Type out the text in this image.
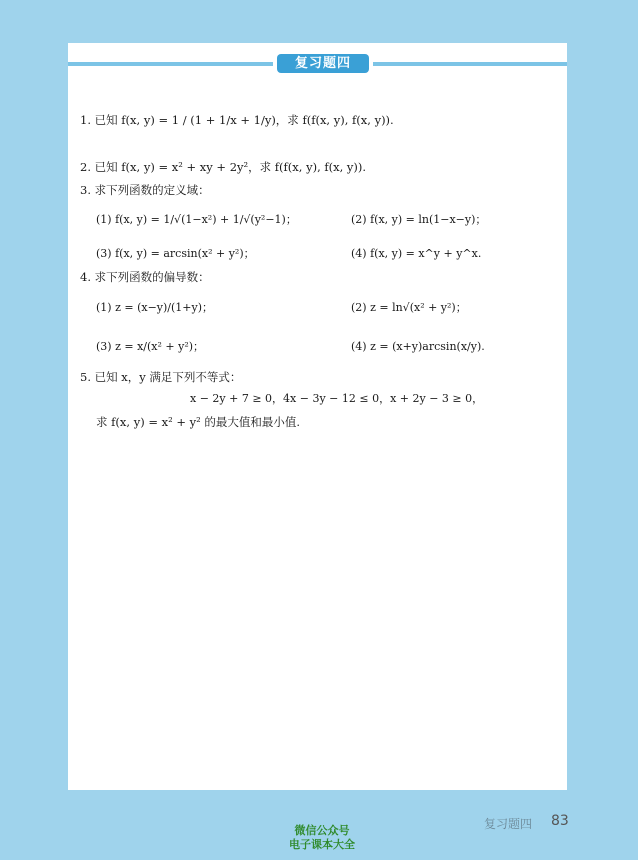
复习题四
1. 已知 f(x, y) = 1 / (1 + 1/x + 1/y)，求 f(f(x, y), f(x, y)).
2. 已知 f(x, y) = x² + xy + 2y²，求 f(f(x, y), f(x, y)).
3. 求下列函数的定义域：
(1) f(x, y) = 1/√(1−x²) + 1/√(y²−1)；	(2) f(x, y) = ln(1−x−y)；
(3) f(x, y) = arcsin(x² + y²)；	(4) f(x, y) = x^y + y^x.
4. 求下列函数的偏导数：
(1) z = (x−y)/(1+y)；	(2) z = ln√(x² + y²)；
(3) z = x/(x² + y²)；	(4) z = (x+y)arcsin(x/y).
5. 已知 x，y 满足下列不等式：
x − 2y + 7 ≥ 0，4x − 3y − 12 ≤ 0，x + 2y − 3 ≥ 0，
求 f(x, y) = x² + y² 的最大值和最小值.
复习题四 83
微信公众号
电子课本大全
